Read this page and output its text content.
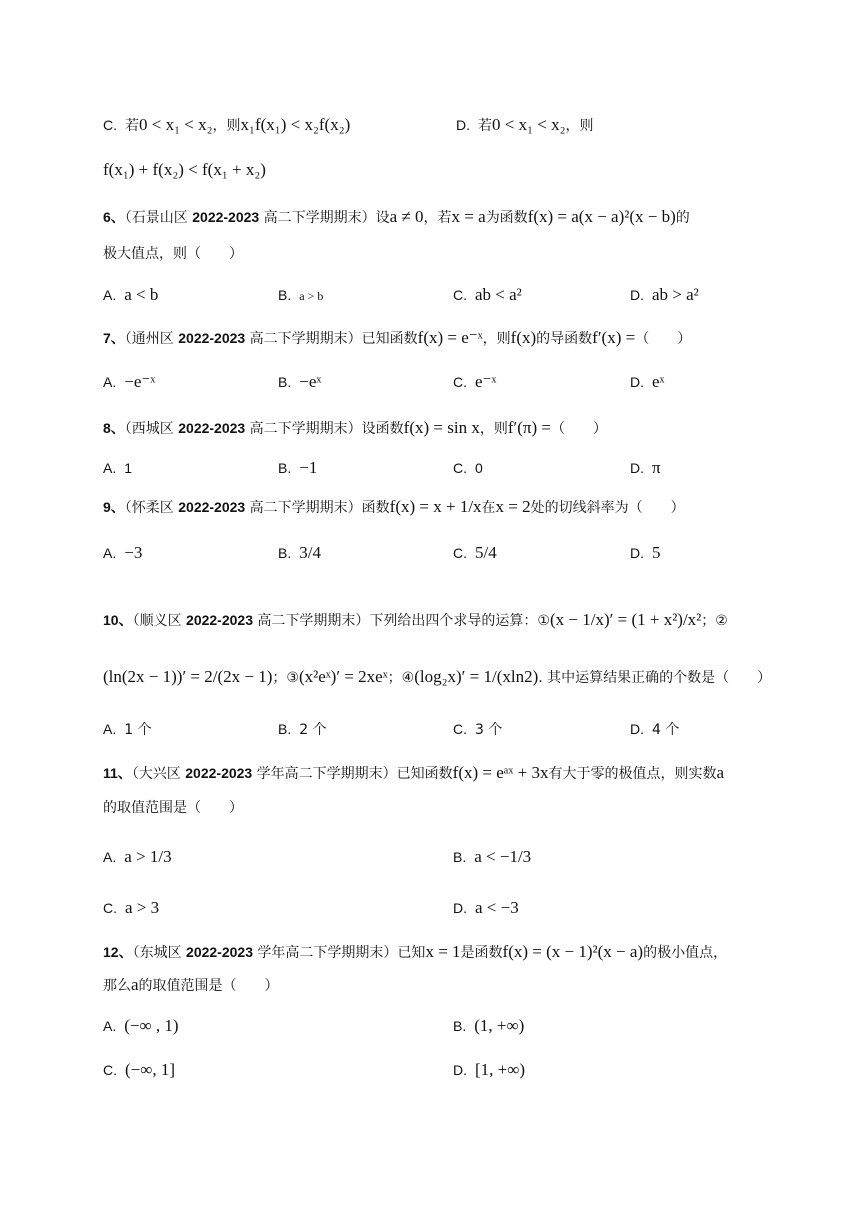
C. 若0 < x₁ < x₂，则x₁f(x₁) < x₂f(x₂)	D. 若0 < x₁ < x₂，则
f(x₁) + f(x₂) < f(x₁ + x₂)
6、（石景山区 2022-2023 高二下学期期末）设a ≠ 0，若x = a为函数f(x) = a(x − a)²(x − b)的
极大值点，则（　　）
A. a < b	B. a > b	C. ab < a²	D. ab > a²
7、（通州区 2022-2023 高二下学期期末）已知函数f(x) = e⁻ˣ，则f(x)的导函数f′(x) =（　　）
A. −e⁻ˣ	B. −eˣ	C. e⁻ˣ	D. eˣ
8、（西城区 2022-2023 高二下学期期末）设函数f(x) = sin x，则f′(π) =（　　）
A. 1	B. −1	C. 0	D. π
9、（怀柔区 2022-2023 高二下学期期末）函数f(x) = x + 1/x在x = 2处的切线斜率为（　　）
A. −3	B. 3/4	C. 5/4	D. 5
10、（顺义区 2022-2023 高二下学期期末）下列给出四个求导的运算：①(x − 1/x)′ = (1 + x²)/x²；②
(ln(2x − 1))′ = 2/(2x − 1)；③(x²eˣ)′ = 2xeˣ；④(log₂x)′ = 1/(xln2). 其中运算结果正确的个数是（　　）
A. 1 个	B. 2 个	C. 3 个	D. 4 个
11、（大兴区 2022-2023 学年高二下学期期末）已知函数f(x) = eᵃˣ + 3x有大于零的极值点，则实数a
的取值范围是（　　）
A. a > 1/3	B. a < −1/3
C. a > 3	D. a < −3
12、（东城区 2022-2023 学年高二下学期期末）已知x = 1是函数f(x) = (x − 1)²(x − a)的极小值点，
那么a的取值范围是（　　）
A. (−∞ , 1)	B. (1, +∞)
C. (−∞, 1]	D. [1, +∞)
